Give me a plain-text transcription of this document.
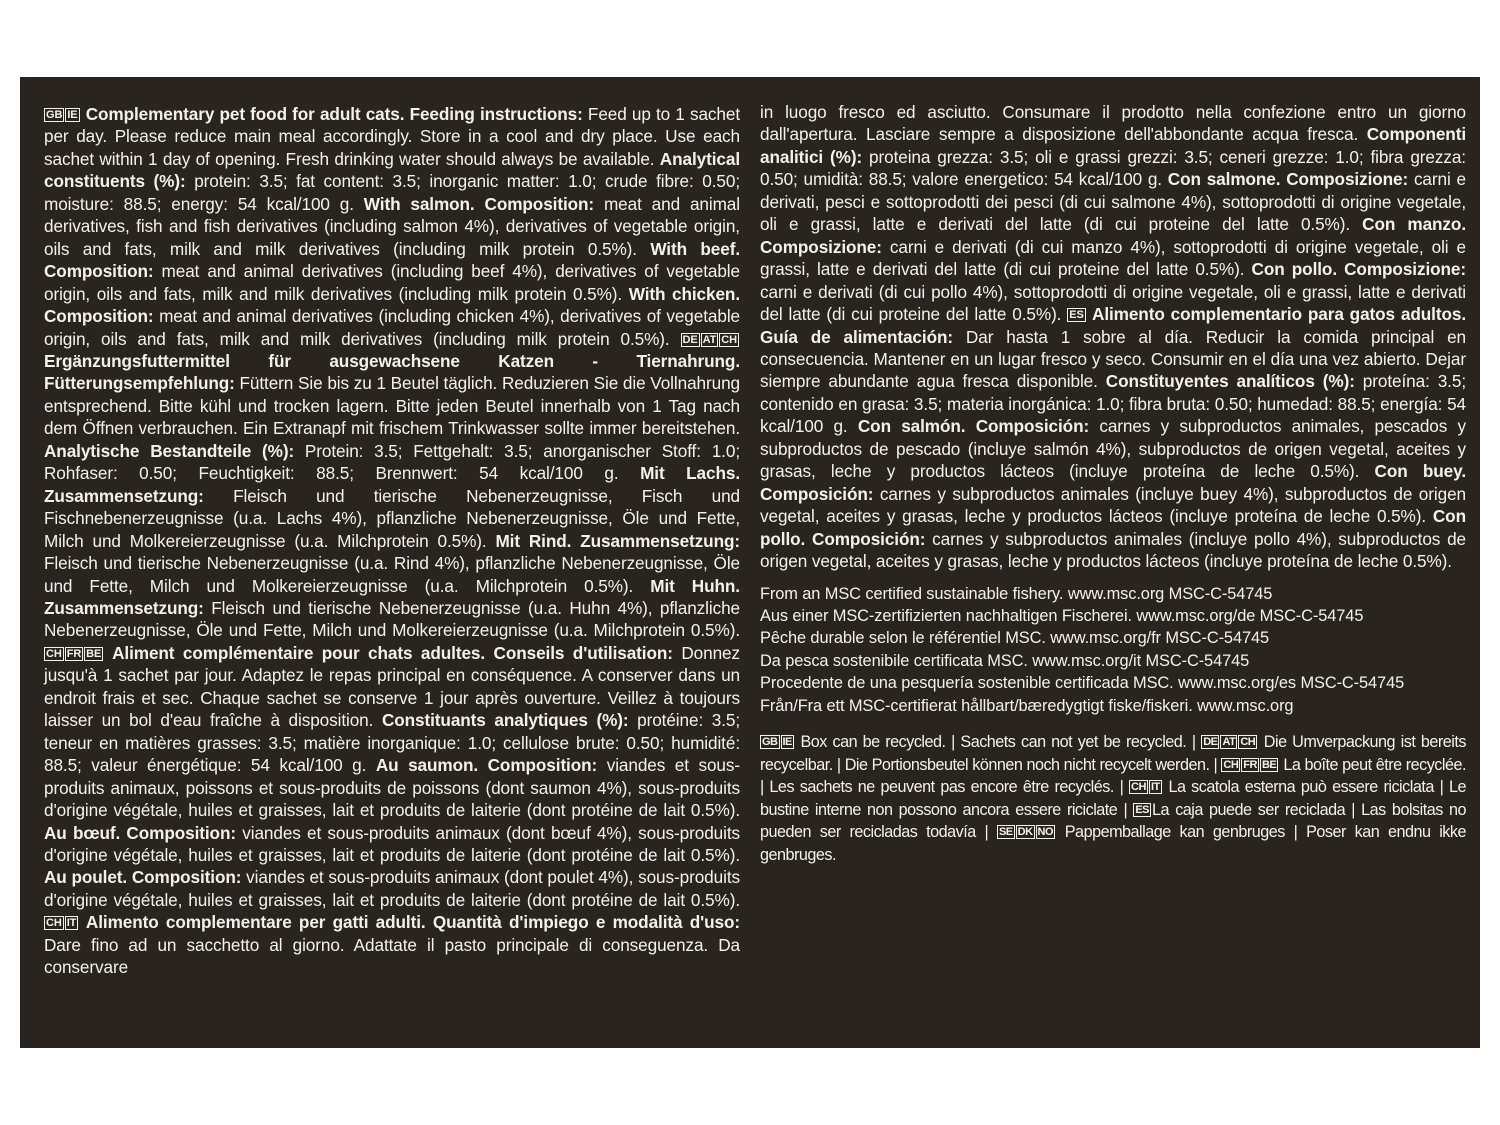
GB IE Complementary pet food for adult cats. Feeding instructions: Feed up to 1 sachet per day. Please reduce main meal accordingly. Store in a cool and dry place. Use each sachet within 1 day of opening. Fresh drinking water should always be available. Analytical constituents (%): protein: 3.5; fat content: 3.5; inorganic matter: 1.0; crude fibre: 0.50; moisture: 88.5; energy: 54 kcal/100 g. With salmon. Composition: meat and animal derivatives, fish and fish derivatives (including salmon 4%), derivatives of vegetable origin, oils and fats, milk and milk derivatives (including milk protein 0.5%). With beef. Composition: meat and animal derivatives (including beef 4%), derivatives of vegetable origin, oils and fats, milk and milk derivatives (including milk protein 0.5%). With chicken. Composition: meat and animal derivatives (including chicken 4%), derivatives of vegetable origin, oils and fats, milk and milk derivatives (including milk protein 0.5%). DE AT CH Ergänzungsfuttermittel für ausgewachsene Katzen - Tiernahrung. Fütterungsempfehlung: Füttern Sie bis zu 1 Beutel täglich. Reduzieren Sie die Vollnahrung entsprechend. Bitte kühl und trocken lagern. Bitte jeden Beutel innerhalb von 1 Tag nach dem Öffnen verbrauchen. Ein Extranapf mit frischem Trinkwasser sollte immer bereitstehen. Analytische Bestandteile (%): Protein: 3.5; Fettgehalt: 3.5; anorganischer Stoff: 1.0; Rohfaser: 0.50; Feuchtigkeit: 88.5; Brennwert: 54 kcal/100 g. Mit Lachs. Zusammensetzung: Fleisch und tierische Nebenerzeugnisse, Fisch und Fischnebenerzeugnisse (u.a. Lachs 4%), pflanzliche Nebenerzeugnisse, Öle und Fette, Milch und Molkereierzeugnisse (u.a. Milchprotein 0.5%). Mit Rind. Zusammensetzung: Fleisch und tierische Nebenerzeugnisse (u.a. Rind 4%), pflanzliche Nebenerzeugnisse, Öle und Fette, Milch und Molkereierzeugnisse (u.a. Milchprotein 0.5%). Mit Huhn. Zusammensetzung: Fleisch und tierische Nebenerzeugnisse (u.a. Huhn 4%), pflanzliche Nebenerzeugnisse, Öle und Fette, Milch und Molkereierzeugnisse (u.a. Milchprotein 0.5%). CH FR BE Aliment complémentaire pour chats adultes. Conseils d'utilisation: Donnez jusqu'à 1 sachet par jour. Adaptez le repas principal en conséquence. A conserver dans un endroit frais et sec. Chaque sachet se conserve 1 jour après ouverture. Veillez à toujours laisser un bol d'eau fraîche à disposition. Constituants analytiques (%): protéine: 3.5; teneur en matières grasses: 3.5; matière inorganique: 1.0; cellulose brute: 0.50; humidité: 88.5; valeur énergétique: 54 kcal/100 g. Au saumon. Composition: viandes et sous-produits animaux, poissons et sous-produits de poissons (dont saumon 4%), sous-produits d'origine végétale, huiles et graisses, lait et produits de laiterie (dont protéine de lait 0.5%). Au bœuf. Composition: viandes et sous-produits animaux (dont bœuf 4%), sous-produits d'origine végétale, huiles et graisses, lait et produits de laiterie (dont protéine de lait 0.5%). Au poulet. Composition: viandes et sous-produits animaux (dont poulet 4%), sous-produits d'origine végétale, huiles et graisses, lait et produits de laiterie (dont protéine de lait 0.5%). CH IT Alimento complementare per gatti adulti. Quantità d'impiego e modalità d'uso: Dare fino ad un sacchetto al giorno. Adattate il pasto principale di conseguenza. Da conservare

in luogo fresco ed asciutto. Consumare il prodotto nella confezione entro un giorno dall'apertura. Lasciare sempre a disposizione dell'abbondante acqua fresca. Componenti analitici (%): proteina grezza: 3.5; oli e grassi grezzi: 3.5; ceneri grezze: 1.0; fibra grezza: 0.50; umidità: 88.5; valore energetico: 54 kcal/100 g. Con salmone. Composizione: carni e derivati, pesci e sottoprodotti dei pesci (di cui salmone 4%), sottoprodotti di origine vegetale, oli e grassi, latte e derivati del latte (di cui proteine del latte 0.5%). Con manzo. Composizione: carni e derivati (di cui manzo 4%), sottoprodotti di origine vegetale, oli e grassi, latte e derivati del latte (di cui proteine del latte 0.5%). Con pollo. Composizione: carni e derivati (di cui pollo 4%), sottoprodotti di origine vegetale, oli e grassi, latte e derivati del latte (di cui proteine del latte 0.5%). ES Alimento complementario para gatos adultos. Guía de alimentación: Dar hasta 1 sobre al día. Reducir la comida principal en consecuencia. Mantener en un lugar fresco y seco. Consumir en el día una vez abierto. Dejar siempre abundante agua fresca disponible. Constituyentes analíticos (%): proteína: 3.5; contenido en grasa: 3.5; materia inorgánica: 1.0; fibra bruta: 0.50; humedad: 88.5; energía: 54 kcal/100 g. Con salmón. Composición: carnes y subproductos animales, pescados y subproductos de pescado (incluye salmón 4%), subproductos de origen vegetal, aceites y grasas, leche y productos lácteos (incluye proteína de leche 0.5%). Con buey. Composición: carnes y subproductos animales (incluye buey 4%), subproductos de origen vegetal, aceites y grasas, leche y productos lácteos (incluye proteína de leche 0.5%). Con pollo. Composición: carnes y subproductos animales (incluye pollo 4%), subproductos de origen vegetal, aceites y grasas, leche y productos lácteos (incluye proteína de leche 0.5%).

From an MSC certified sustainable fishery. www.msc.org MSC-C-54745
Aus einer MSC-zertifizierten nachhaltigen Fischerei. www.msc.org/de MSC-C-54745
Pêche durable selon le référentiel MSC. www.msc.org/fr MSC-C-54745
Da pesca sostenibile certificata MSC. www.msc.org/it MSC-C-54745
Procedente de una pesquería sostenible certificada MSC. www.msc.org/es MSC-C-54745
Från/Fra ett MSC-certifierat hållbart/bæredygtigt fiske/fiskeri. www.msc.org
GB IE Box can be recycled. | Sachets can not yet be recycled. | DE AT CH Die Umverpackung ist bereits recycelbar. | Die Portionsbeutel können noch nicht recycelt werden. | CH FR BE La boîte peut être recyclée. | Les sachets ne peuvent pas encore être recyclés. | CH IT La scatola esterna può essere riciclata | Le bustine interne non possono ancora essere riciclate | ES La caja puede ser reciclada | Las bolsitas no pueden ser recicladas todavía | SE DK NO Pappemballage kan genbruges | Poser kan endnu ikke genbruges.
